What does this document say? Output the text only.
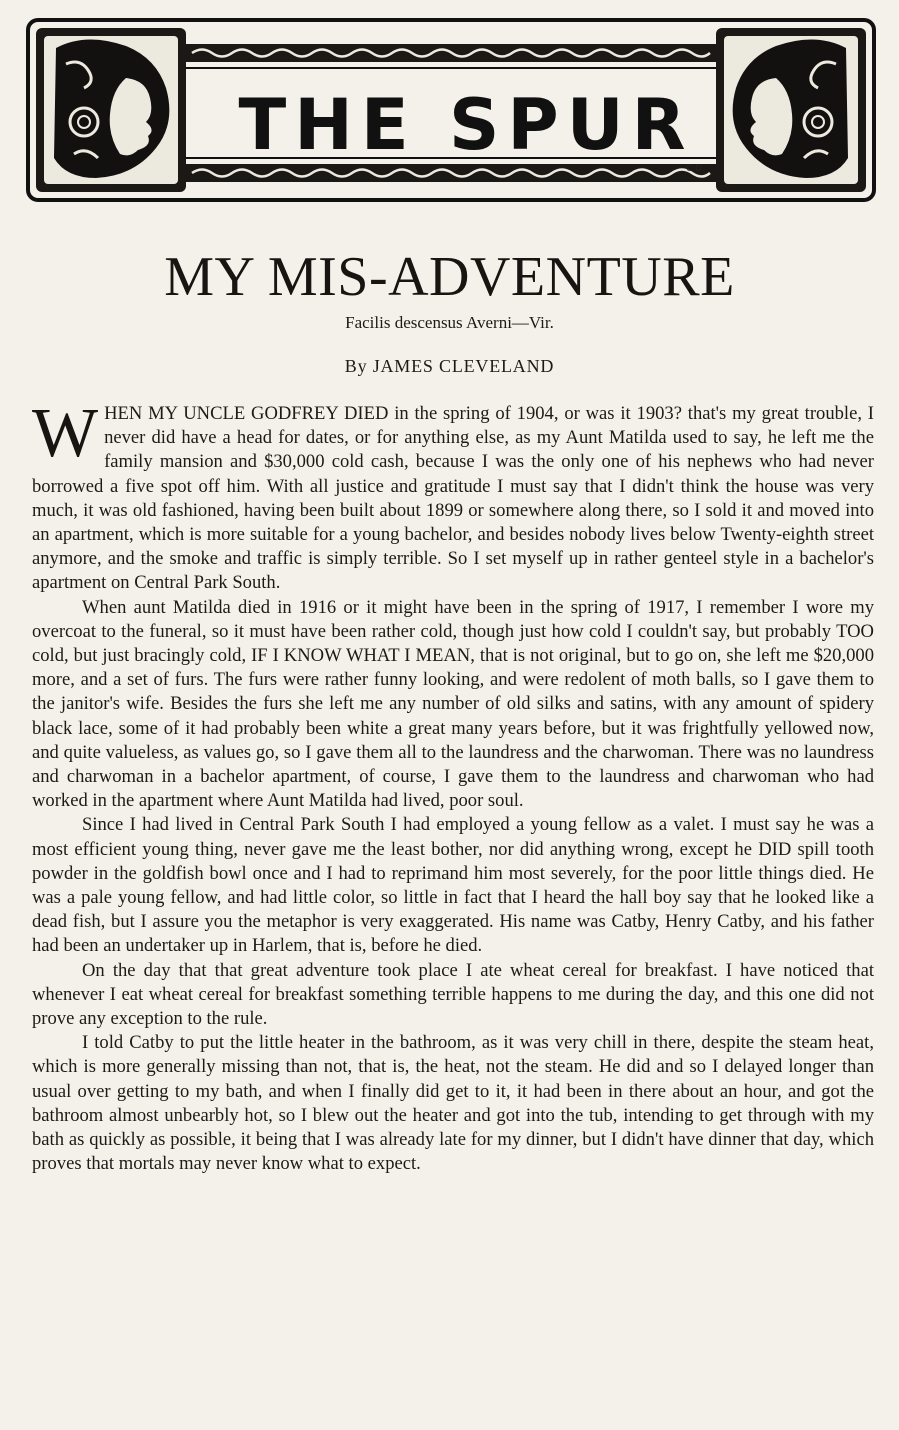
THE SPUR
C.D.
MY MIS-ADVENTURE
Facilis descensus Averni—Vir.
By JAMES CLEVELAND

WHEN MY UNCLE GODFREY DIED in the spring of 1904, or was it 1903? that's my great trouble, I never did have a head for dates, or for anything else, as my Aunt Matilda used to say, he left me the family mansion and $30,000 cold cash, because I was the only one of his nephews who had never borrowed a five spot off him. With all justice and gratitude I must say that I didn't think the house was very much, it was old fashioned, having been built about 1899 or somewhere along there, so I sold it and moved into an apartment, which is more suitable for a young bachelor, and besides nobody lives below Twenty-eighth street anymore, and the smoke and traffic is simply terrible. So I set myself up in rather genteel style in a bachelor's apartment on Central Park South.

When aunt Matilda died in 1916 or it might have been in the spring of 1917, I remember I wore my overcoat to the funeral, so it must have been rather cold, though just how cold I couldn't say, but probably TOO cold, but just bracingly cold, IF I KNOW WHAT I MEAN, that is not original, but to go on, she left me $20,000 more, and a set of furs. The furs were rather funny looking, and were redolent of moth balls, so I gave them to the janitor's wife. Besides the furs she left me any number of old silks and satins, with any amount of spidery black lace, some of it had probably been white a great many years before, but it was frightfully yellowed now, and quite valueless, as values go, so I gave them all to the laundress and the charwoman. There was no laundress and charwoman in a bachelor apartment, of course, I gave them to the laundress and charwoman who had worked in the apartment where Aunt Matilda had lived, poor soul.

Since I had lived in Central Park South I had employed a young fellow as a valet. I must say he was a most efficient young thing, never gave me the least bother, nor did anything wrong, except he DID spill tooth powder in the goldfish bowl once and I had to reprimand him most severely, for the poor little things died. He was a pale young fellow, and had little color, so little in fact that I heard the hall boy say that he looked like a dead fish, but I assure you the metaphor is very exaggerated. His name was Catby, Henry Catby, and his father had been an undertaker up in Harlem, that is, before he died.

On the day that that great adventure took place I ate wheat cereal for breakfast. I have noticed that whenever I eat wheat cereal for breakfast something terrible happens to me during the day, and this one did not prove any exception to the rule.

I told Catby to put the little heater in the bathroom, as it was very chill in there, despite the steam heat, which is more generally missing than not, that is, the heat, not the steam. He did and so I delayed longer than usual over getting to my bath, and when I finally did get to it, it had been in there about an hour, and got the bathroom almost unbearbly hot, so I blew out the heater and got into the tub, intending to get through with my bath as quickly as possible, it being that I was already late for my dinner, but I didn't have dinner that day, which proves that mortals may never know what to expect.
